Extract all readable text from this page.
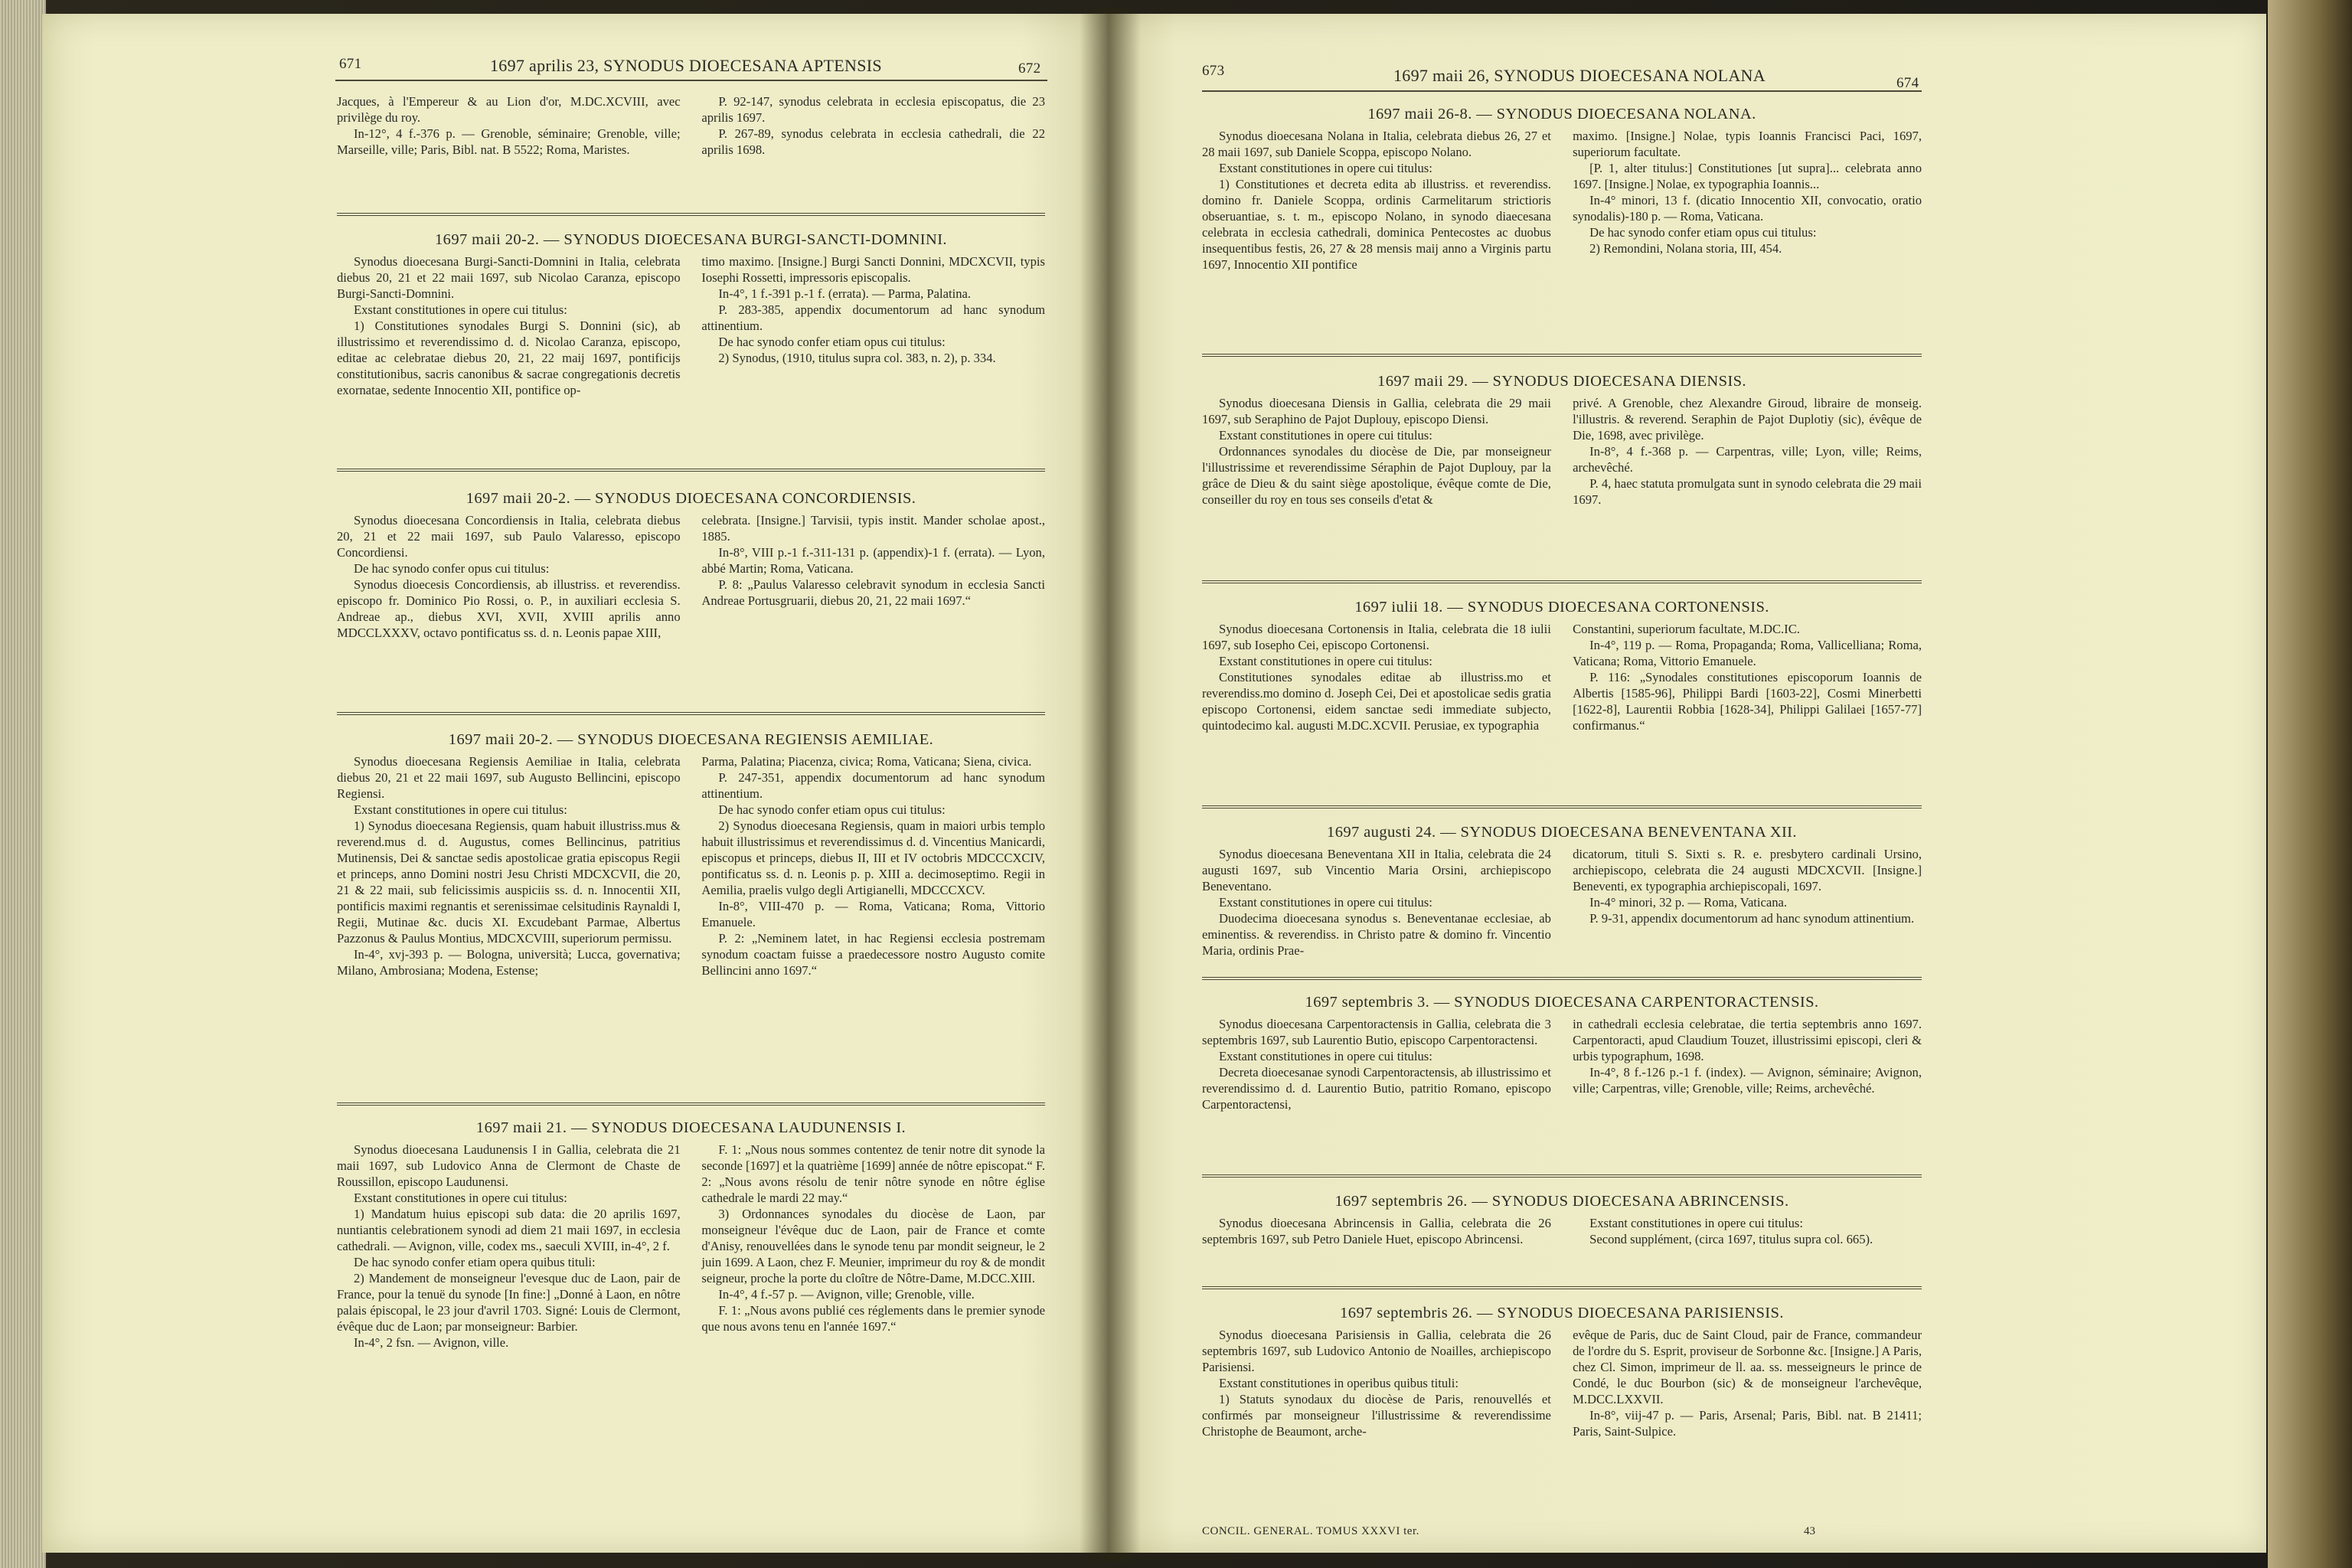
671	1697 aprilis 23, SYNODUS DIOECESANA APTENSIS	672	673	1697 maii 26, SYNODUS DIOECESANA NOLANA	674

Jacques, à l'Empereur & au Lion d'or, M.DC.XCVIII, avec privilège du roy.

In-12°, 4 f.-376 p. — Grenoble, séminaire; Grenoble, ville; Marseille, ville; Paris, Bibl. nat. B 5522; Roma, Maristes.

P. 92-147, synodus celebrata in ecclesia episcopatus, die 23 aprilis 1697.

P. 267-89, synodus celebrata in ecclesia cathedrali, die 22 aprilis 1698.

1697 maii 20-2. — SYNODUS DIOECESANA BURGI-SANCTI-DOMNINI.

Synodus dioecesana Burgi-Sancti-Domnini in Italia, celebrata diebus 20, 21 et 22 maii 1697, sub Nicolao Caranza, episcopo Burgi-Sancti-Domnini.

Exstant constitutiones in opere cui titulus:

1) Constitutiones synodales Burgi S. Donnini (sic), ab illustrissimo et reverendissimo d. d. Nicolao Caranza, episcopo, editae ac celebratae diebus 20, 21, 22 maij 1697, pontificijs constitutionibus, sacris canonibus & sacrae congregationis decretis exornatae, sedente Innocentio XII, pontifice op-

timo maximo. [Insigne.] Burgi Sancti Donnini, MDCXCVII, typis Iosephi Rossetti, impressoris episcopalis.

In-4°, 1 f.-391 p.-1 f. (errata). — Parma, Palatina.

P. 283-385, appendix documentorum ad hanc synodum attinentium.

De hac synodo confer etiam opus cui titulus:

2) Synodus, (1910, titulus supra col. 383, n. 2), p. 334.

1697 maii 20-2. — SYNODUS DIOECESANA CONCORDIENSIS.

Synodus dioecesana Concordiensis in Italia, celebrata diebus 20, 21 et 22 maii 1697, sub Paulo Valaresso, episcopo Concordiensi.

De hac synodo confer opus cui titulus:

Synodus dioecesis Concordiensis, ab illustriss. et reverendiss. episcopo fr. Dominico Pio Rossi, o. P., in auxiliari ecclesia S. Andreae ap., diebus XVI, XVII, XVIII aprilis anno MDCCLXXXV, octavo pontificatus ss. d. n. Leonis papae XIII,

celebrata. [Insigne.] Tarvisii, typis instit. Mander scholae apost., 1885.

In-8°, VIII p.-1 f.-311-131 p. (appendix)-1 f. (errata). — Lyon, abbé Martin; Roma, Vaticana.

P. 8: „Paulus Valaresso celebravit synodum in ecclesia Sancti Andreae Portusgruarii, diebus 20, 21, 22 maii 1697.“

1697 maii 20-2. — SYNODUS DIOECESANA REGIENSIS AEMILIAE.

Synodus dioecesana Regiensis Aemiliae in Italia, celebrata diebus 20, 21 et 22 maii 1697, sub Augusto Bellincini, episcopo Regiensi.

Exstant constitutiones in opere cui titulus:

1) Synodus dioecesana Regiensis, quam habuit illustriss.mus & reverend.mus d. d. Augustus, comes Bellincinus, patritius Mutinensis, Dei & sanctae sedis apostolicae gratia episcopus Regii et princeps, anno Domini nostri Jesu Christi MDCXCVII, die 20, 21 & 22 maii, sub felicissimis auspiciis ss. d. n. Innocentii XII, pontificis maximi regnantis et serenissimae celsitudinis Raynaldi I, Regii, Mutinae &c. ducis XI. Excudebant Parmae, Albertus Pazzonus & Paulus Montius, MDCXCVIII, superiorum permissu.

In-4°, xvj-393 p. — Bologna, università; Lucca, governativa; Milano, Ambrosiana; Modena, Estense;

Parma, Palatina; Piacenza, civica; Roma, Vaticana; Siena, civica.

P. 247-351, appendix documentorum ad hanc synodum attinentium.

De hac synodo confer etiam opus cui titulus:

2) Synodus dioecesana Regiensis, quam in maiori urbis templo habuit illustrissimus et reverendissimus d. d. Vincentius Manicardi, episcopus et princeps, diebus II, III et IV octobris MDCCCXCIV, pontificatus ss. d. n. Leonis p. p. XIII a. decimoseptimo. Regii in Aemilia, praelis vulgo degli Artigianelli, MDCCCXCV.

In-8°, VIII-470 p. — Roma, Vaticana; Roma, Vittorio Emanuele.

P. 2: „Neminem latet, in hac Regiensi ecclesia postremam synodum coactam fuisse a praedecessore nostro Augusto comite Bellincini anno 1697.“

1697 maii 21. — SYNODUS DIOECESANA LAUDUNENSIS I.

Synodus dioecesana Laudunensis I in Gallia, celebrata die 21 maii 1697, sub Ludovico Anna de Clermont de Chaste de Roussillon, episcopo Laudunensi.

Exstant constitutiones in opere cui titulus:

1) Mandatum huius episcopi sub data: die 20 aprilis 1697, nuntiantis celebrationem synodi ad diem 21 maii 1697, in ecclesia cathedrali. — Avignon, ville, codex ms., saeculi XVIII, in-4°, 2 f.

De hac synodo confer etiam opera quibus tituli:

2) Mandement de monseigneur l'evesque duc de Laon, pair de France, pour la tenuë du synode [In fine:] „Donné à Laon, en nôtre palais épiscopal, le 23 jour d'avril 1703. Signé: Louis de Clermont, évêque duc de Laon; par monseigneur: Barbier.

In-4°, 2 fsn. — Avignon, ville.

F. 1: „Nous nous sommes contentez de tenir notre dit synode la seconde [1697] et la quatrième [1699] année de nôtre episcopat.“ F. 2: „Nous avons résolu de tenir nôtre synode en nôtre église cathedrale le mardi 22 may.“

3) Ordonnances synodales du diocèse de Laon, par monseigneur l'évêque duc de Laon, pair de France et comte d'Anisy, renouvellées dans le synode tenu par mondit seigneur, le 2 juin 1699. A Laon, chez F. Meunier, imprimeur du roy & de mondit seigneur, proche la porte du cloître de Nôtre-Dame, M.DCC.XIII.

In-4°, 4 f.-57 p. — Avignon, ville; Grenoble, ville.

F. 1: „Nous avons publié ces réglements dans le premier synode que nous avons tenu en l'année 1697.“

1697 maii 26-8. — SYNODUS DIOECESANA NOLANA.

Synodus dioecesana Nolana in Italia, celebrata diebus 26, 27 et 28 maii 1697, sub Daniele Scoppa, episcopo Nolano.

Exstant constitutiones in opere cui titulus:

1) Constitutiones et decreta edita ab illustriss. et reverendiss. domino fr. Daniele Scoppa, ordinis Carmelitarum strictioris obseruantiae, s. t. m., episcopo Nolano, in synodo diaecesana celebrata in ecclesia cathedrali, dominica Pentecostes ac duobus insequentibus festis, 26, 27 & 28 mensis maij anno a Virginis partu 1697, Innocentio XII pontifice

maximo. [Insigne.] Nolae, typis Ioannis Francisci Paci, 1697, superiorum facultate.

[P. 1, alter titulus:] Constitutiones [ut supra]... celebrata anno 1697. [Insigne.] Nolae, ex typographia Ioannis...

In-4° minori, 13 f. (dicatio Innocentio XII, convocatio, oratio synodalis)-180 p. — Roma, Vaticana.

De hac synodo confer etiam opus cui titulus:

2) Remondini, Nolana storia, III, 454.

1697 maii 29. — SYNODUS DIOECESANA DIENSIS.

Synodus dioecesana Diensis in Gallia, celebrata die 29 maii 1697, sub Seraphino de Pajot Duplouy, episcopo Diensi.

Exstant constitutiones in opere cui titulus:

Ordonnances synodales du diocèse de Die, par monseigneur l'illustrissime et reverendissime Séraphin de Pajot Duplouy, par la grâce de Dieu & du saint siège apostolique, évêque comte de Die, conseiller du roy en tous ses conseils d'etat &

privé. A Grenoble, chez Alexandre Giroud, libraire de monseig. l'illustris. & reverend. Seraphin de Pajot Duplotiy (sic), évêque de Die, 1698, avec privilège.

In-8°, 4 f.-368 p. — Carpentras, ville; Lyon, ville; Reims, archevêché.

P. 4, haec statuta promulgata sunt in synodo celebrata die 29 maii 1697.

1697 iulii 18. — SYNODUS DIOECESANA CORTONENSIS.

Synodus dioecesana Cortonensis in Italia, celebrata die 18 iulii 1697, sub Iosepho Cei, episcopo Cortonensi.

Exstant constitutiones in opere cui titulus:

Constitutiones synodales editae ab illustriss.mo et reverendiss.mo domino d. Joseph Cei, Dei et apostolicae sedis gratia episcopo Cortonensi, eidem sanctae sedi immediate subjecto, quintodecimo kal. augusti M.DC.XCVII. Perusiae, ex typographia

Constantini, superiorum facultate, M.DC.IC.

In-4°, 119 p. — Roma, Propaganda; Roma, Vallicelliana; Roma, Vaticana; Roma, Vittorio Emanuele.

P. 116: „Synodales constitutiones episcoporum Ioannis de Albertis [1585-96], Philippi Bardi [1603-22], Cosmi Minerbetti [1622-8], Laurentii Robbia [1628-34], Philippi Galilaei [1657-77] confirmanus.“

1697 augusti 24. — SYNODUS DIOECESANA BENEVENTANA XII.

Synodus dioecesana Beneventana XII in Italia, celebrata die 24 augusti 1697, sub Vincentio Maria Orsini, archiepiscopo Beneventano.

Exstant constitutiones in opere cui titulus:

Duodecima dioecesana synodus s. Beneventanae ecclesiae, ab eminentiss. & reverendiss. in Christo patre & domino fr. Vincentio Maria, ordinis Prae-

dicatorum, tituli S. Sixti s. R. e. presbytero cardinali Ursino, archiepiscopo, celebrata die 24 augusti MDCXCVII. [Insigne.] Beneventi, ex typographia archiepiscopali, 1697.

In-4° minori, 32 p. — Roma, Vaticana.

P. 9-31, appendix documentorum ad hanc synodum attinentium.

1697 septembris 3. — SYNODUS DIOECESANA CARPENTORACTENSIS.

Synodus dioecesana Carpentoractensis in Gallia, celebrata die 3 septembris 1697, sub Laurentio Butio, episcopo Carpentoractensi.

Exstant constitutiones in opere cui titulus:

Decreta dioecesanae synodi Carpentoractensis, ab illustrissimo et reverendissimo d. d. Laurentio Butio, patritio Romano, episcopo Carpentoractensi,

in cathedrali ecclesia celebratae, die tertia septembris anno 1697. Carpentoracti, apud Claudium Touzet, illustrissimi episcopi, cleri & urbis typographum, 1698.

In-4°, 8 f.-126 p.-1 f. (index). — Avignon, séminaire; Avignon, ville; Carpentras, ville; Grenoble, ville; Reims, archevêché.

1697 septembris 26. — SYNODUS DIOECESANA ABRINCENSIS.

Synodus dioecesana Abrincensis in Gallia, celebrata die 26 septembris 1697, sub Petro Daniele Huet, episcopo Abrincensi.

Exstant constitutiones in opere cui titulus:

Second supplément, (circa 1697, titulus supra col. 665).

1697 septembris 26. — SYNODUS DIOECESANA PARISIENSIS.

Synodus dioecesana Parisiensis in Gallia, celebrata die 26 septembris 1697, sub Ludovico Antonio de Noailles, archiepiscopo Parisiensi.

Exstant constitutiones in operibus quibus tituli:

1) Statuts synodaux du diocèse de Paris, renouvellés et confirmés par monseigneur l'illustrissime & reverendissime Christophe de Beaumont, arche-

evêque de Paris, duc de Saint Cloud, pair de France, commandeur de l'ordre du S. Esprit, proviseur de Sorbonne &c. [Insigne.] A Paris, chez Cl. Simon, imprimeur de ll. aa. ss. messeigneurs le prince de Condé, le duc Bourbon (sic) & de monseigneur l'archevêque, M.DCC.LXXVII.

In-8°, viij-47 p. — Paris, Arsenal; Paris, Bibl. nat. B 21411; Paris, Saint-Sulpice.

CONCIL. GENERAL. TOMUS XXXVI ter.	43
